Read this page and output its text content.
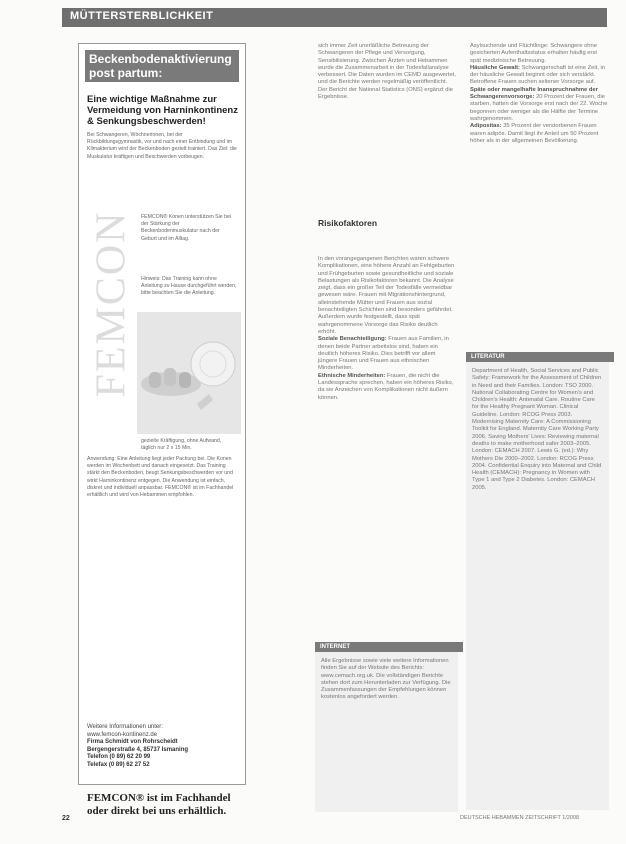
MÜTTERSTERBLICHKEIT
Beckenbodenaktivierung post partum:
Eine wichtige Maßnahme zur Vermeidung von Harninkontinenz & Senkungsbeschwerden!
Bei Schwangeren, Wöchnerinnen, bei der Rückbildungsgymnastik, vor und nach einer Entbindung und im Klimakterium wird der Beckenboden gezielt trainiert. Das Ziel: die Muskulatur kräftigen und Beschwerden vorbeugen.
FEMCON® Konen unterstützen Sie bei der Stärkung der Beckenbodenmuskulatur nach der Geburt und im Alltag.
Hinweis: Das Training kann ohne Anleitung zu Hause durchgeführt werden, bitte beachten Sie die Anleitung.
FEMCON
gezielte Kräftigung, ohne Aufwand, täglich nur 2 x 15 Min.
Anwendung: Eine Anleitung liegt jeder Packung bei. Die Konen werden im Wochenbett und danach eingesetzt. Das Training stärkt den Beckenboden, beugt Senkungsbeschwerden vor und wirkt Harninkontinenz entgegen. Die Anwendung ist einfach, diskret und individuell anpassbar. FEMCON® ist im Fachhandel erhältlich und wird von Hebammen empfohlen.
Weitere Informationen unter:
www.femcon-kontinenz.de
Firma Schmidt von Rohrscheidt
Bergengerstraße 4, 85737 Ismaning
Telefon (0 89) 62 20 99
Telefax (0 89) 62 27 52
FEMCON® ist im Fachhandel oder direkt bei uns erhältlich.
sich immer Zeit unerläßliche Betreuung der Schwangeren der Pflege und Versorgung, Sensibilisierung. Zwischen Ärzten und Hebammen wurde die Zusammenarbeit in der Todesfallanalyse verbessert. Die Daten wurden im CEMD ausgewertet, und die Berichte werden regelmäßig veröffentlicht. Der Bericht der National Statistics (ONS) ergänzt die Ergebnisse.
Risikofaktoren
In den vorangegangenen Berichten waren schwere Komplikationen, eine höhere Anzahl an Fehlgeburten und Frühgeburten sowie gesundheitliche und soziale Belastungen als Risikofaktoren bekannt. Die Analyse zeigt, dass ein großer Teil der Todesfälle vermeidbar gewesen wäre. Frauen mit Migrationshintergrund, alleinstehende Mütter und Frauen aus sozial benachteiligten Schichten sind besonders gefährdet. Außerdem wurde festgestellt, dass spät wahrgenommene Vorsorge das Risiko deutlich erhöht.
Soziale Benachteiligung: Frauen aus Familien, in denen beide Partner arbeitslos sind, haben ein deutlich höheres Risiko. Dies betrifft vor allem jüngere Frauen und Frauen aus ethnischen Minderheiten.
Ethnische Minderheiten: Frauen, die nicht die Landessprache sprechen, haben ein höheres Risiko, da sie Anzeichen von Komplikationen nicht äußern können.
Asylsuchende und Flüchtlinge: Schwangere ohne gesicherten Aufenthaltsstatus erhalten häufig erst spät medizinische Betreuung.
Häusliche Gewalt: Schwangerschaft ist eine Zeit, in der häusliche Gewalt beginnt oder sich verstärkt. Betroffene Frauen suchen seltener Vorsorge auf.
Späte oder mangelhafte Inanspruchnahme der Schwangerenvorsorge: 20 Prozent der Frauen, die starben, hatten die Vorsorge erst nach der 22. Woche begonnen oder weniger als die Hälfte der Termine wahrgenommen.
Adipositas: 35 Prozent der verstorbenen Frauen waren adipös. Damit liegt ihr Anteil um 50 Prozent höher als in der allgemeinen Bevölkerung.
LITERATUR
Department of Health, Social Services and Public Safety: Framework for the Assessment of Children in Need and their Families. London: TSO 2000. National Collaborating Centre for Women's and Children's Health: Antenatal Care. Routine Care for the Healthy Pregnant Woman. Clinical Guideline. London: RCOG Press 2003. Modernising Maternity Care: A Commissioning Toolkit for England. Maternity Care Working Party 2006. Saving Mothers' Lives: Reviewing maternal deaths to make motherhood safer 2003–2005. London: CEMACH 2007. Lewis G. (ed.): Why Mothers Die 2000–2002. London: RCOG Press 2004. Confidential Enquiry into Maternal and Child Health (CEMACH): Pregnancy in Women with Type 1 and Type 2 Diabetes. London: CEMACH 2005.
INTERNET
Alle Ergebnisse sowie viele weitere Informationen finden Sie auf der Website des Berichts: www.cemach.org.uk. Die vollständigen Berichte stehen dort zum Herunterladen zur Verfügung. Die Zusammenfassungen der Empfehlungen können kostenlos angefordert werden.
22	DEUTSCHE HEBAMMEN ZEITSCHRIFT 1/2008
